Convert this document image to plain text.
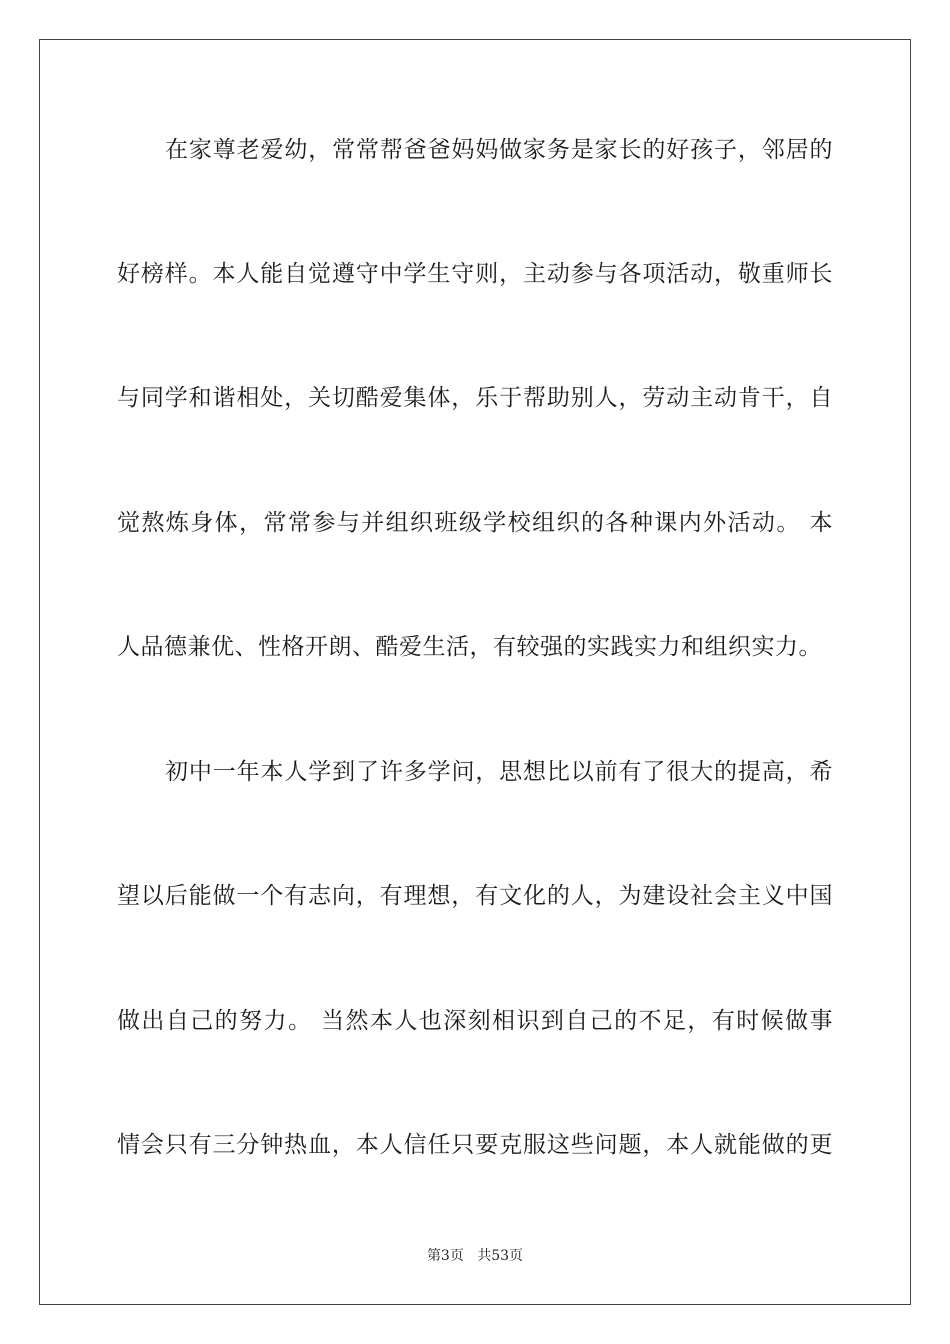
在家尊老爱幼，常常帮爸爸妈妈做家务是家长的好孩子，邻居的
好榜样。本人能自觉遵守中学生守则，主动参与各项活动，敬重师长
与同学和谐相处，关切酷爱集体，乐于帮助别人，劳动主动肯干，自
觉熬炼身体，常常参与并组织班级学校组织的各种课内外活动。 本
人品德兼优、性格开朗、酷爱生活，有较强的实践实力和组织实力。
初中一年本人学到了许多学问，思想比以前有了很大的提高，希
望以后能做一个有志向，有理想，有文化的人，为建设社会主义中国
做出自己的努力。 当然本人也深刻相识到自己的不足，有时候做事
情会只有三分钟热血，本人信任只要克服这些问题，本人就能做的更
第3页 共53页
